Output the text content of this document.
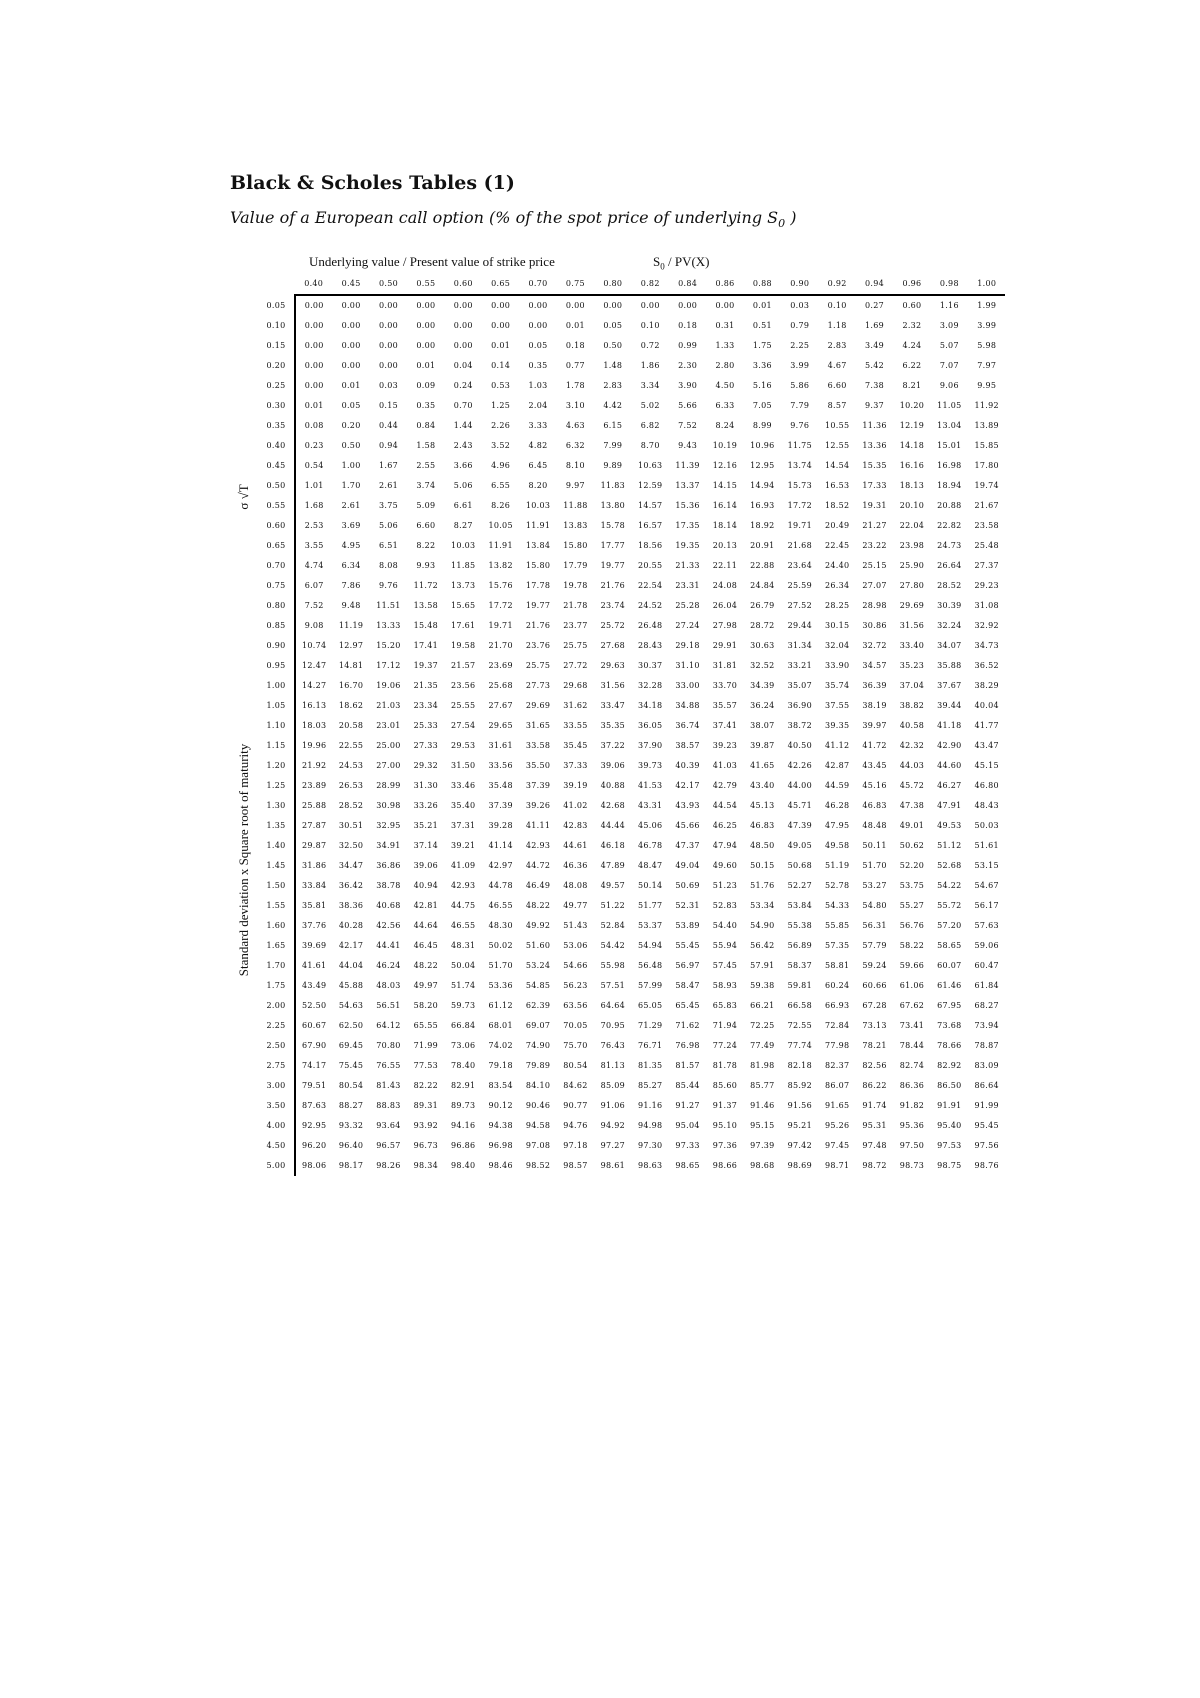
Black & Scholes Tables (1)
Value of a European call option (% of the spot price of underlying $S_0$ )
Underlying value / Present value of strike price	$S_0 / PV(X)$
σ √T
Standard deviation x Square root of maturity
	0.40	0.45	0.50	0.55	0.60	0.65	0.70	0.75	0.80	0.82	0.84	0.86	0.88	0.90	0.92	0.94	0.96	0.98	1.00
0.05	0.00	0.00	0.00	0.00	0.00	0.00	0.00	0.00	0.00	0.00	0.00	0.00	0.01	0.03	0.10	0.27	0.60	1.16	1.99
0.10	0.00	0.00	0.00	0.00	0.00	0.00	0.00	0.01	0.05	0.10	0.18	0.31	0.51	0.79	1.18	1.69	2.32	3.09	3.99
0.15	0.00	0.00	0.00	0.00	0.00	0.01	0.05	0.18	0.50	0.72	0.99	1.33	1.75	2.25	2.83	3.49	4.24	5.07	5.98
0.20	0.00	0.00	0.00	0.01	0.04	0.14	0.35	0.77	1.48	1.86	2.30	2.80	3.36	3.99	4.67	5.42	6.22	7.07	7.97
0.25	0.00	0.01	0.03	0.09	0.24	0.53	1.03	1.78	2.83	3.34	3.90	4.50	5.16	5.86	6.60	7.38	8.21	9.06	9.95
0.30	0.01	0.05	0.15	0.35	0.70	1.25	2.04	3.10	4.42	5.02	5.66	6.33	7.05	7.79	8.57	9.37	10.20	11.05	11.92
0.35	0.08	0.20	0.44	0.84	1.44	2.26	3.33	4.63	6.15	6.82	7.52	8.24	8.99	9.76	10.55	11.36	12.19	13.04	13.89
0.40	0.23	0.50	0.94	1.58	2.43	3.52	4.82	6.32	7.99	8.70	9.43	10.19	10.96	11.75	12.55	13.36	14.18	15.01	15.85
0.45	0.54	1.00	1.67	2.55	3.66	4.96	6.45	8.10	9.89	10.63	11.39	12.16	12.95	13.74	14.54	15.35	16.16	16.98	17.80
0.50	1.01	1.70	2.61	3.74	5.06	6.55	8.20	9.97	11.83	12.59	13.37	14.15	14.94	15.73	16.53	17.33	18.13	18.94	19.74
0.55	1.68	2.61	3.75	5.09	6.61	8.26	10.03	11.88	13.80	14.57	15.36	16.14	16.93	17.72	18.52	19.31	20.10	20.88	21.67
0.60	2.53	3.69	5.06	6.60	8.27	10.05	11.91	13.83	15.78	16.57	17.35	18.14	18.92	19.71	20.49	21.27	22.04	22.82	23.58
0.65	3.55	4.95	6.51	8.22	10.03	11.91	13.84	15.80	17.77	18.56	19.35	20.13	20.91	21.68	22.45	23.22	23.98	24.73	25.48
0.70	4.74	6.34	8.08	9.93	11.85	13.82	15.80	17.79	19.77	20.55	21.33	22.11	22.88	23.64	24.40	25.15	25.90	26.64	27.37
0.75	6.07	7.86	9.76	11.72	13.73	15.76	17.78	19.78	21.76	22.54	23.31	24.08	24.84	25.59	26.34	27.07	27.80	28.52	29.23
0.80	7.52	9.48	11.51	13.58	15.65	17.72	19.77	21.78	23.74	24.52	25.28	26.04	26.79	27.52	28.25	28.98	29.69	30.39	31.08
0.85	9.08	11.19	13.33	15.48	17.61	19.71	21.76	23.77	25.72	26.48	27.24	27.98	28.72	29.44	30.15	30.86	31.56	32.24	32.92
0.90	10.74	12.97	15.20	17.41	19.58	21.70	23.76	25.75	27.68	28.43	29.18	29.91	30.63	31.34	32.04	32.72	33.40	34.07	34.73
0.95	12.47	14.81	17.12	19.37	21.57	23.69	25.75	27.72	29.63	30.37	31.10	31.81	32.52	33.21	33.90	34.57	35.23	35.88	36.52
1.00	14.27	16.70	19.06	21.35	23.56	25.68	27.73	29.68	31.56	32.28	33.00	33.70	34.39	35.07	35.74	36.39	37.04	37.67	38.29
1.05	16.13	18.62	21.03	23.34	25.55	27.67	29.69	31.62	33.47	34.18	34.88	35.57	36.24	36.90	37.55	38.19	38.82	39.44	40.04
1.10	18.03	20.58	23.01	25.33	27.54	29.65	31.65	33.55	35.35	36.05	36.74	37.41	38.07	38.72	39.35	39.97	40.58	41.18	41.77
1.15	19.96	22.55	25.00	27.33	29.53	31.61	33.58	35.45	37.22	37.90	38.57	39.23	39.87	40.50	41.12	41.72	42.32	42.90	43.47
1.20	21.92	24.53	27.00	29.32	31.50	33.56	35.50	37.33	39.06	39.73	40.39	41.03	41.65	42.26	42.87	43.45	44.03	44.60	45.15
1.25	23.89	26.53	28.99	31.30	33.46	35.48	37.39	39.19	40.88	41.53	42.17	42.79	43.40	44.00	44.59	45.16	45.72	46.27	46.80
1.30	25.88	28.52	30.98	33.26	35.40	37.39	39.26	41.02	42.68	43.31	43.93	44.54	45.13	45.71	46.28	46.83	47.38	47.91	48.43
1.35	27.87	30.51	32.95	35.21	37.31	39.28	41.11	42.83	44.44	45.06	45.66	46.25	46.83	47.39	47.95	48.48	49.01	49.53	50.03
1.40	29.87	32.50	34.91	37.14	39.21	41.14	42.93	44.61	46.18	46.78	47.37	47.94	48.50	49.05	49.58	50.11	50.62	51.12	51.61
1.45	31.86	34.47	36.86	39.06	41.09	42.97	44.72	46.36	47.89	48.47	49.04	49.60	50.15	50.68	51.19	51.70	52.20	52.68	53.15
1.50	33.84	36.42	38.78	40.94	42.93	44.78	46.49	48.08	49.57	50.14	50.69	51.23	51.76	52.27	52.78	53.27	53.75	54.22	54.67
1.55	35.81	38.36	40.68	42.81	44.75	46.55	48.22	49.77	51.22	51.77	52.31	52.83	53.34	53.84	54.33	54.80	55.27	55.72	56.17
1.60	37.76	40.28	42.56	44.64	46.55	48.30	49.92	51.43	52.84	53.37	53.89	54.40	54.90	55.38	55.85	56.31	56.76	57.20	57.63
1.65	39.69	42.17	44.41	46.45	48.31	50.02	51.60	53.06	54.42	54.94	55.45	55.94	56.42	56.89	57.35	57.79	58.22	58.65	59.06
1.70	41.61	44.04	46.24	48.22	50.04	51.70	53.24	54.66	55.98	56.48	56.97	57.45	57.91	58.37	58.81	59.24	59.66	60.07	60.47
1.75	43.49	45.88	48.03	49.97	51.74	53.36	54.85	56.23	57.51	57.99	58.47	58.93	59.38	59.81	60.24	60.66	61.06	61.46	61.84
2.00	52.50	54.63	56.51	58.20	59.73	61.12	62.39	63.56	64.64	65.05	65.45	65.83	66.21	66.58	66.93	67.28	67.62	67.95	68.27
2.25	60.67	62.50	64.12	65.55	66.84	68.01	69.07	70.05	70.95	71.29	71.62	71.94	72.25	72.55	72.84	73.13	73.41	73.68	73.94
2.50	67.90	69.45	70.80	71.99	73.06	74.02	74.90	75.70	76.43	76.71	76.98	77.24	77.49	77.74	77.98	78.21	78.44	78.66	78.87
2.75	74.17	75.45	76.55	77.53	78.40	79.18	79.89	80.54	81.13	81.35	81.57	81.78	81.98	82.18	82.37	82.56	82.74	82.92	83.09
3.00	79.51	80.54	81.43	82.22	82.91	83.54	84.10	84.62	85.09	85.27	85.44	85.60	85.77	85.92	86.07	86.22	86.36	86.50	86.64
3.50	87.63	88.27	88.83	89.31	89.73	90.12	90.46	90.77	91.06	91.16	91.27	91.37	91.46	91.56	91.65	91.74	91.82	91.91	91.99
4.00	92.95	93.32	93.64	93.92	94.16	94.38	94.58	94.76	94.92	94.98	95.04	95.10	95.15	95.21	95.26	95.31	95.36	95.40	95.45
4.50	96.20	96.40	96.57	96.73	96.86	96.98	97.08	97.18	97.27	97.30	97.33	97.36	97.39	97.42	97.45	97.48	97.50	97.53	97.56
5.00	98.06	98.17	98.26	98.34	98.40	98.46	98.52	98.57	98.61	98.63	98.65	98.66	98.68	98.69	98.71	98.72	98.73	98.75	98.76
